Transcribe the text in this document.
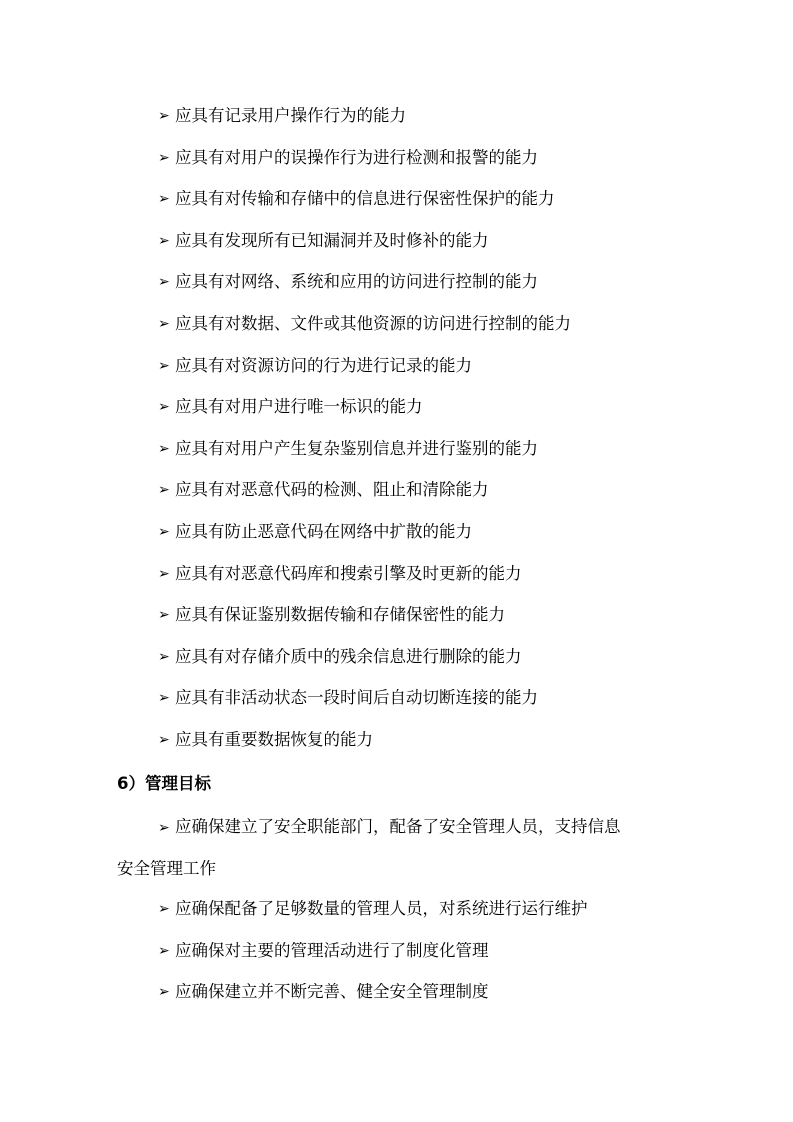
➢ 应具有记录用户操作行为的能力
➢ 应具有对用户的误操作行为进行检测和报警的能力
➢ 应具有对传输和存储中的信息进行保密性保护的能力
➢ 应具有发现所有已知漏洞并及时修补的能力
➢ 应具有对网络、系统和应用的访问进行控制的能力
➢ 应具有对数据、文件或其他资源的访问进行控制的能力
➢ 应具有对资源访问的行为进行记录的能力
➢ 应具有对用户进行唯一标识的能力
➢ 应具有对用户产生复杂鉴别信息并进行鉴别的能力
➢ 应具有对恶意代码的检测、阻止和清除能力
➢ 应具有防止恶意代码在网络中扩散的能力
➢ 应具有对恶意代码库和搜索引擎及时更新的能力
➢ 应具有保证鉴别数据传输和存储保密性的能力
➢ 应具有对存储介质中的残余信息进行删除的能力
➢ 应具有非活动状态一段时间后自动切断连接的能力
➢ 应具有重要数据恢复的能力
6）管理目标
➢ 应确保建立了安全职能部门，配备了安全管理人员，支持信息
安全管理工作
➢ 应确保配备了足够数量的管理人员，对系统进行运行维护
➢ 应确保对主要的管理活动进行了制度化管理
➢ 应确保建立并不断完善、健全安全管理制度
